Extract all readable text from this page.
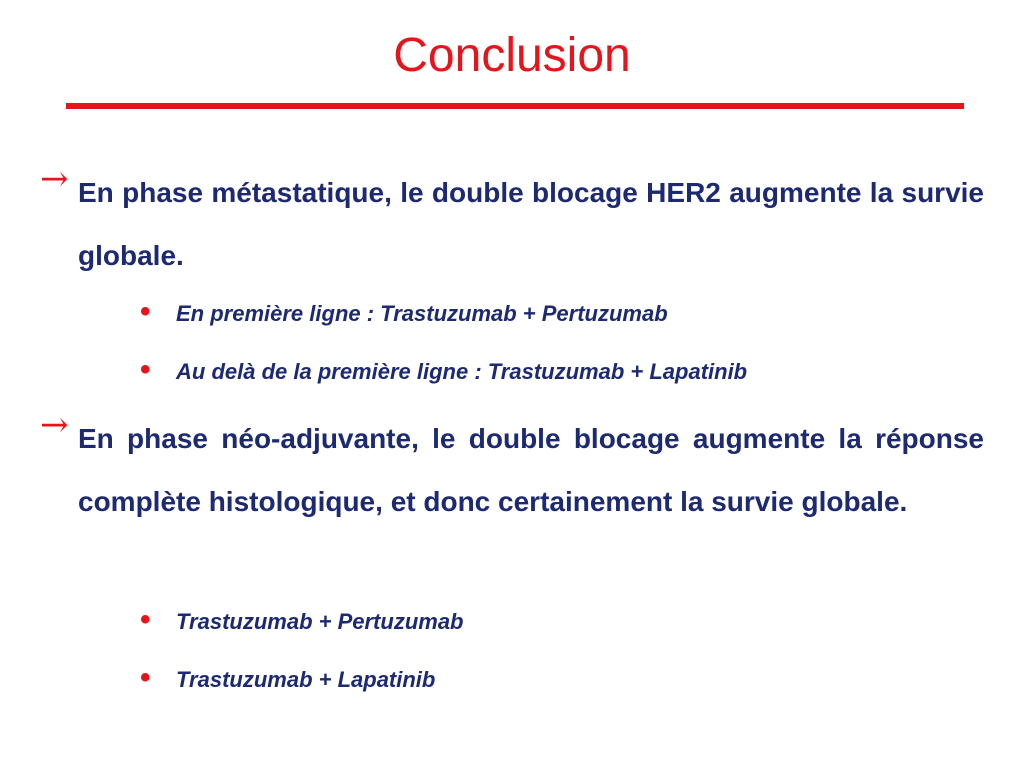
Conclusion
→ En phase métastatique, le double blocage HER2 augmente la survie globale.
• En première ligne : Trastuzumab + Pertuzumab
• Au delà de la première ligne : Trastuzumab + Lapatinib
→ En phase néo-adjuvante, le double blocage augmente la réponse complète histologique, et donc certainement la survie globale.
• Trastuzumab + Pertuzumab
• Trastuzumab + Lapatinib
